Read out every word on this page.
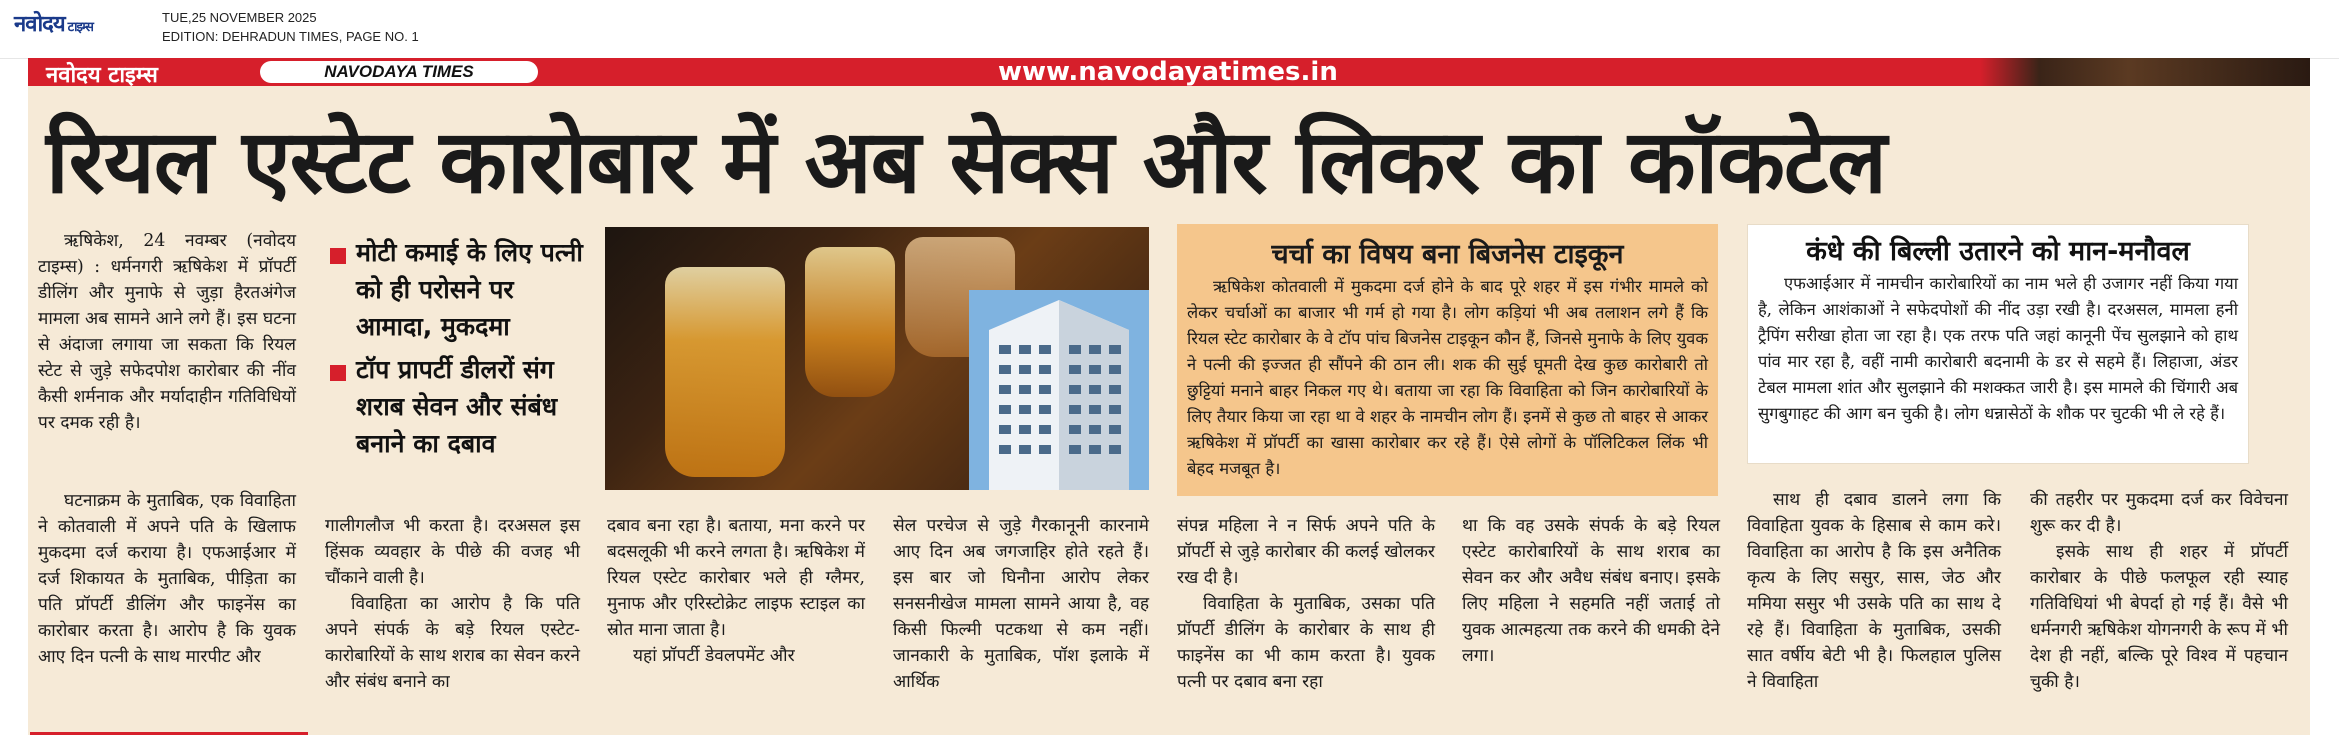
नवोदय टाइम्स
TUE,25 NOVEMBER 2025
EDITION: DEHRADUN TIMES, PAGE NO. 1
नवोदय टाइम्स	NAVODAYA TIMES	www.navodayatimes.in
रियल एस्टेट कारोबार में अब सेक्स और लिकर का कॉकटेल

ऋषिकेश, 24 नवम्बर (नवोदय टाइम्स) : धर्मनगरी ऋषिकेश में प्रॉपर्टी डीलिंग और मुनाफे से जुड़ा हैरतअंगेज मामला अब सामने आने लगे हैं। इस घटना से अंदाजा लगाया जा सकता कि रियल स्टेट से जुड़े सफेदपोश कारोबार की नींव कैसी शर्मनाक और मर्यादाहीन गतिविधियों पर दमक रही है।

घटनाक्रम के मुताबिक, एक विवाहिता ने कोतवाली में अपने पति के खिलाफ मुकदमा दर्ज कराया है। एफआईआर में दर्ज शिकायत के मुताबिक, पीड़िता का पति प्रॉपर्टी डीलिंग और फाइनेंस का कारोबार करता है। आरोप है कि युवक आए दिन पत्नी के साथ मारपीट और

मोटी कमाई के लिए पत्नी को ही परोसने पर आमादा, मुकदमा
टॉप प्रापर्टी डीलरों संग शराब सेवन और संबंध बनाने का दबाव
चर्चा का विषय बना बिजनेस टाइकून

ऋषिकेश कोतवाली में मुकदमा दर्ज होने के बाद पूरे शहर में इस गंभीर मामले को लेकर चर्चाओं का बाजार भी गर्म हो गया है। लोग कड़ियां भी अब तलाशन लगे हैं कि रियल स्टेट कारोबार के वे टॉप पांच बिजनेस टाइकून कौन हैं, जिनसे मुनाफे के लिए युवक ने पत्नी की इज्जत ही सौंपने की ठान ली। शक की सुई घूमती देख कुछ कारोबारी तो छुट्टियां मनाने बाहर निकल गए थे। बताया जा रहा कि विवाहिता को जिन कारोबारियों के लिए तैयार किया जा रहा था वे शहर के नामचीन लोग हैं। इनमें से कुछ तो बाहर से आकर ऋषिकेश में प्रॉपर्टी का खासा कारोबार कर रहे हैं। ऐसे लोगों के पॉलिटिकल लिंक भी बेहद मजबूत है।

कंधे की बिल्ली उतारने को मान-मनौवल

एफआईआर में नामचीन कारोबारियों का नाम भले ही उजागर नहीं किया गया है, लेकिन आशंकाओं ने सफेदपोशों की नींद उड़ा रखी है। दरअसल, मामला हनी ट्रैपिंग सरीखा होता जा रहा है। एक तरफ पति जहां कानूनी पेंच सुलझाने को हाथ पांव मार रहा है, वहीं नामी कारोबारी बदनामी के डर से सहमे हैं। लिहाजा, अंडर टेबल मामला शांत और सुलझाने की मशक्कत जारी है। इस मामले की चिंगारी अब सुगबुगाहट की आग बन चुकी है। लोग धन्नासेठों के शौक पर चुटकी भी ले रहे हैं।

गालीगलौज भी करता है। दरअसल इस हिंसक व्यवहार के पीछे की वजह भी चौंकाने वाली है।

विवाहिता का आरोप है कि पति अपने संपर्क के बड़े रियल एस्टेट-कारोबारियों के साथ शराब का सेवन करने और संबंध बनाने का

दबाव बना रहा है। बताया, मना करने पर बदसलूकी भी करने लगता है। ऋषिकेश में रियल एस्टेट कारोबार भले ही ग्लैमर, मुनाफ और एरिस्टोक्रेट लाइफ स्टाइल का स्रोत माना जाता है।

यहां प्रॉपर्टी डेवलपमेंट और

सेल परचेज से जुड़े गैरकानूनी कारनामे आए दिन अब जगजाहिर होते रहते हैं। इस बार जो घिनौना आरोप लेकर सनसनीखेज मामला सामने आया है, वह किसी फिल्मी पटकथा से कम नहीं। जानकारी के मुताबिक, पॉश इलाके में आर्थिक

संपन्न महिला ने न सिर्फ अपने पति के प्रॉपर्टी से जुड़े कारोबार की कलई खोलकर रख दी है।

विवाहिता के मुताबिक, उसका पति प्रॉपर्टी डीलिंग के कारोबार के साथ ही फाइनेंस का भी काम करता है। युवक पत्नी पर दबाव बना रहा

था कि वह उसके संपर्क के बड़े रियल एस्टेट कारोबारियों के साथ शराब का सेवन कर और अवैध संबंध बनाए। इसके लिए महिला ने सहमति नहीं जताई तो युवक आत्महत्या तक करने की धमकी देने लगा।

साथ ही दबाव डालने लगा कि विवाहिता युवक के हिसाब से काम करे। विवाहिता का आरोप है कि इस अनैतिक कृत्य के लिए ससुर, सास, जेठ और ममिया ससुर भी उसके पति का साथ दे रहे हैं। विवाहिता के मुताबिक, उसकी सात वर्षीय बेटी भी है। फिलहाल पुलिस ने विवाहिता

की तहरीर पर मुकदमा दर्ज कर विवेचना शुरू कर दी है।

इसके साथ ही शहर में प्रॉपर्टी कारोबार के पीछे फलफूल रही स्याह गतिविधियां भी बेपर्दा हो गई हैं। वैसे भी धर्मनगरी ऋषिकेश योगनगरी के रूप में भी देश ही नहीं, बल्कि पूरे विश्व में पहचान चुकी है।
